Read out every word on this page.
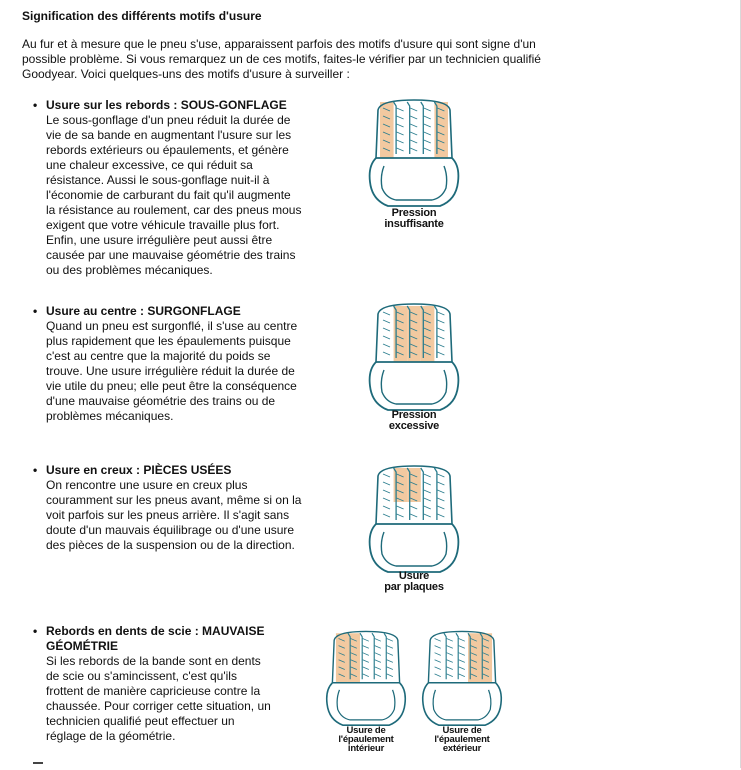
Signification des différents motifs d'usure
Au fur et à mesure que le pneu s'use, apparaissent parfois des motifs d'usure qui sont signe d'un possible problème. Si vous remarquez un de ces motifs, faites-le vérifier par un technicien qualifié Goodyear. Voici quelques-uns des motifs d'usure à surveiller :
• Usure sur les rebords : SOUS-GONFLAGE
Le sous-gonflage d'un pneu réduit la durée de vie de sa bande en augmentant l'usure sur les rebords extérieurs ou épaulements, et génère une chaleur excessive, ce qui réduit sa résistance. Aussi le sous-gonflage nuit-il à l'économie de carburant du fait qu'il augmente la résistance au roulement, car des pneus mous exigent que votre véhicule travaille plus fort. Enfin, une usure irrégulière peut aussi être causée par une mauvaise géométrie des trains ou des problèmes mécaniques.
• Usure au centre : SURGONFLAGE
Quand un pneu est surgonflé, il s'use au centre plus rapidement que les épaulements puisque c'est au centre que la majorité du poids se trouve. Une usure irrégulière réduit la durée de vie utile du pneu; elle peut être la conséquence d'une mauvaise géométrie des trains ou de problèmes mécaniques.
• Usure en creux : PIÈCES USÉES
On rencontre une usure en creux plus couramment sur les pneus avant, même si on la voit parfois sur les pneus arrière. Il s'agit sans doute d'un mauvais équilibrage ou d'une usure des pièces de la suspension ou de la direction.
• Rebords en dents de scie : MAUVAISE GÉOMÉTRIE
Si les rebords de la bande sont en dents de scie ou s'amincissent, c'est qu'ils frottent de manière capricieuse contre la chaussée. Pour corriger cette situation, un technicien qualifié peut effectuer un réglage de la géométrie.
Pression
insuffisante
Pression
excessive
Usure
par plaques
Usure de
l'épaulement
intérieur
Usure de
l'épaulement
extérieur
